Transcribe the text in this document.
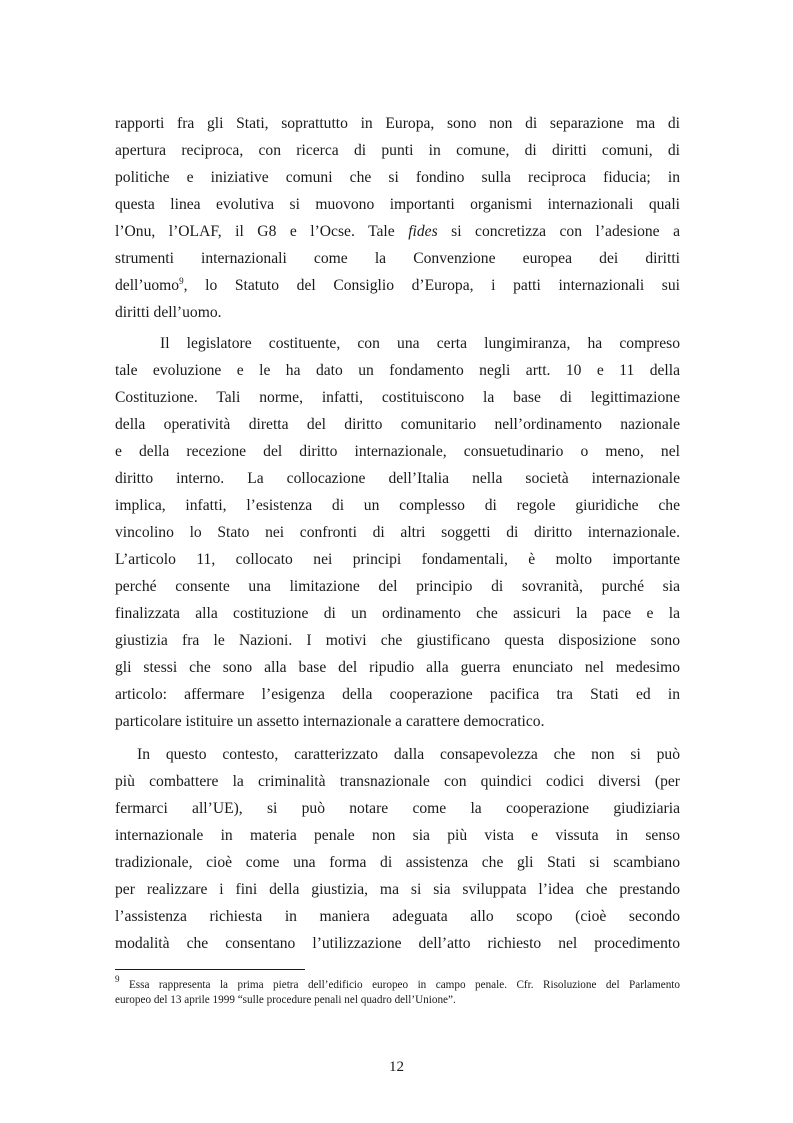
rapporti fra gli Stati, soprattutto in Europa, sono non di separazione ma di
apertura reciproca, con ricerca di punti in comune, di diritti comuni, di
politiche e iniziative comuni che si fondino sulla reciproca fiducia; in
questa linea evolutiva si muovono importanti organismi internazionali quali
l’Onu, l’OLAF, il G8 e l’Ocse. Tale fides si concretizza con l’adesione a
strumenti internazionali come la Convenzione europea dei diritti
dell’uomo$^9$, lo Statuto del Consiglio d’Europa, i patti internazionali sui
diritti dell’uomo.
Il legislatore costituente, con una certa lungimiranza, ha compreso
tale evoluzione e le ha dato un fondamento negli artt. 10 e 11 della
Costituzione. Tali norme, infatti, costituiscono la base di legittimazione
della operatività diretta del diritto comunitario nell’ordinamento nazionale
e della recezione del diritto internazionale, consuetudinario o meno, nel
diritto interno. La collocazione dell’Italia nella società internazionale
implica, infatti, l’esistenza di un complesso di regole giuridiche che
vincolino lo Stato nei confronti di altri soggetti di diritto internazionale.
L’articolo 11, collocato nei principi fondamentali, è molto importante
perché consente una limitazione del principio di sovranità, purché sia
finalizzata alla costituzione di un ordinamento che assicuri la pace e la
giustizia fra le Nazioni. I motivi che giustificano questa disposizione sono
gli stessi che sono alla base del ripudio alla guerra enunciato nel medesimo
articolo: affermare l’esigenza della cooperazione pacifica tra Stati ed in
particolare istituire un assetto internazionale a carattere democratico.
In questo contesto, caratterizzato dalla consapevolezza che non si può
più combattere la criminalità transnazionale con quindici codici diversi (per
fermarci all’UE), si può notare come la cooperazione giudiziaria
internazionale in materia penale non sia più vista e vissuta in senso
tradizionale, cioè come una forma di assistenza che gli Stati si scambiano
per realizzare i fini della giustizia, ma si sia sviluppata l’idea che prestando
l’assistenza richiesta in maniera adeguata allo scopo (cioè secondo
modalità che consentano l’utilizzazione dell’atto richiesto nel procedimento
$^9$ Essa rappresenta la prima pietra dell’edificio europeo in campo penale. Cfr. Risoluzione del Parlamento
europeo del 13 aprile 1999 “sulle procedure penali nel quadro dell’Unione”.
12
